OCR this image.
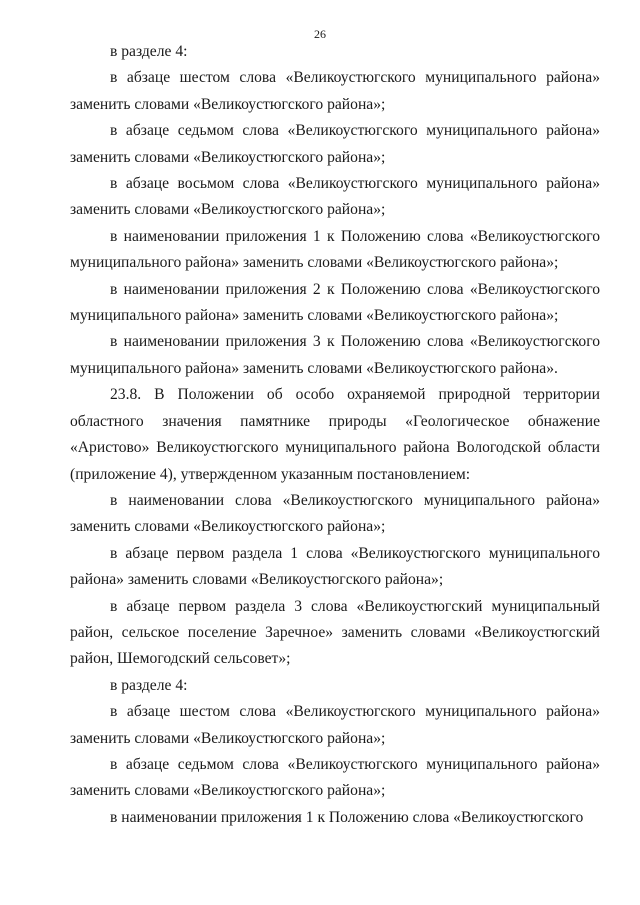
26

в разделе 4:

в абзаце шестом слова «Великоустюгского муниципального района» заменить словами «Великоустюгского района»;

в абзаце седьмом слова «Великоустюгского муниципального района» заменить словами «Великоустюгского района»;

в абзаце восьмом слова «Великоустюгского муниципального района» заменить словами «Великоустюгского района»;

в наименовании приложения 1 к Положению слова «Великоустюгского муниципального района» заменить словами «Великоустюгского района»;

в наименовании приложения 2 к Положению слова «Великоустюгского муниципального района» заменить словами «Великоустюгского района»;

в наименовании приложения 3 к Положению слова «Великоустюгского муниципального района» заменить словами «Великоустюгского района».

23.8. В Положении об особо охраняемой природной территории областного значения памятнике природы «Геологическое обнажение «Аристово» Великоустюгского муниципального района Вологодской области (приложение 4), утвержденном указанным постановлением:

в наименовании слова «Великоустюгского муниципального района» заменить словами «Великоустюгского района»;

в абзаце первом раздела 1 слова «Великоустюгского муниципального района» заменить словами «Великоустюгского района»;

в абзаце первом раздела 3 слова «Великоустюгский муниципальный район, сельское поселение Заречное» заменить словами «Великоустюгский район, Шемогодский сельсовет»;

в разделе 4:

в абзаце шестом слова «Великоустюгского муниципального района» заменить словами «Великоустюгского района»;

в абзаце седьмом слова «Великоустюгского муниципального района» заменить словами «Великоустюгского района»;

в наименовании приложения 1 к Положению слова «Великоустюгского
